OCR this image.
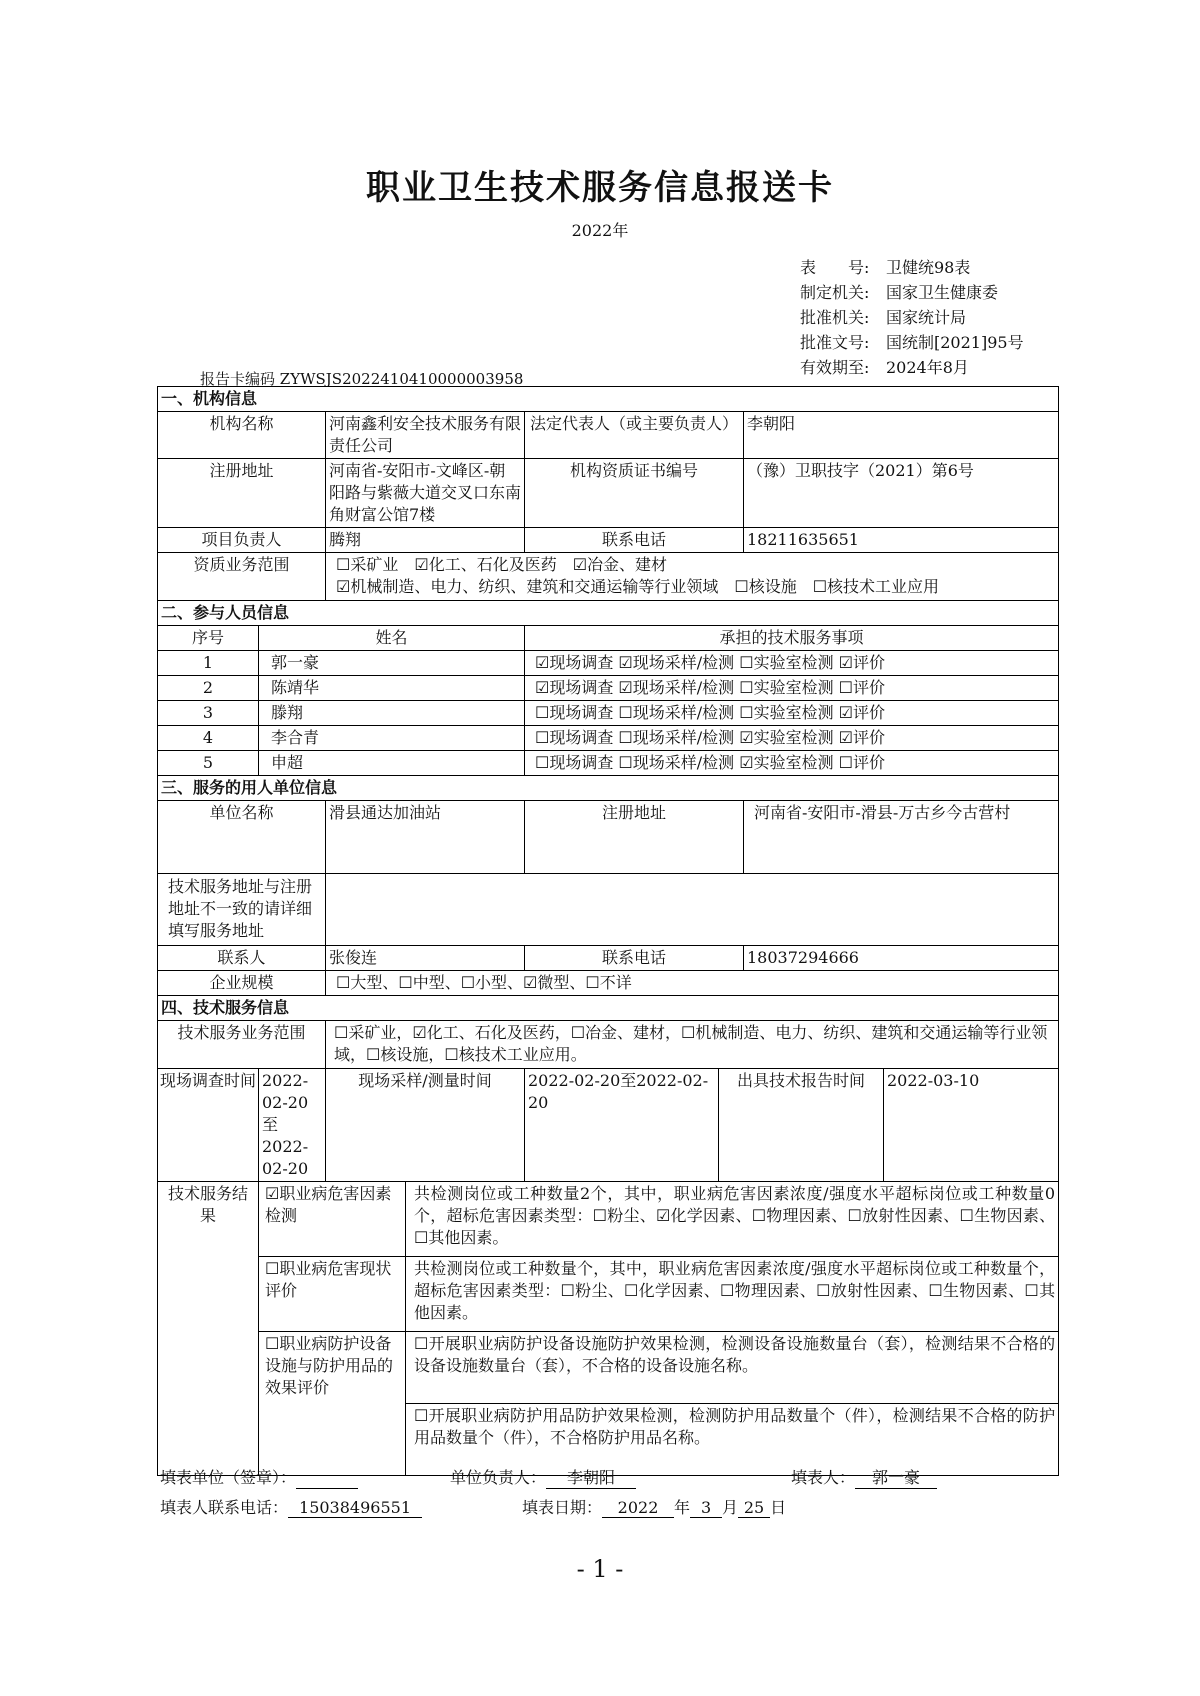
职业卫生技术服务信息报送卡
2022年
表　　号: 卫健统98表
制定机关: 国家卫生健康委
批准机关: 国家统计局
批准文号: 国统制[2021]95号
有效期至: 2024年8月
报告卡编码 ZYWSJS2022410410000003958
一、机构信息							
机构名称		河南鑫利安全技术服务有限责任公司		法定代表人（或主要负责人）		李朝阳	
注册地址		河南省-安阳市-文峰区-朝阳路与紫薇大道交叉口东南角财富公馆7楼		机构资质证书编号		（豫）卫职技字（2021）第6号	
项目负责人		腾翔		联系电话		18211635651	
资质业务范围		☐采矿业　☑化工、石化及医药　☑冶金、建材
☑机械制造、电力、纺织、建筑和交通运输等行业领域　☐核设施　☐核技术工业应用					

二、参与人员信息							
序号	姓名			承担的技术服务事项			
1	郭一豪			☑现场调查 ☑现场采样/检测 ☐实验室检测 ☑评价			
2	陈靖华			☑现场调查 ☑现场采样/检测 ☐实验室检测 ☐评价			
3	滕翔			☐现场调查 ☐现场采样/检测 ☐实验室检测 ☑评价			
4	李合青			☐现场调查 ☐现场采样/检测 ☑实验室检测 ☑评价			
5	申超			☐现场调查 ☐现场采样/检测 ☑实验室检测 ☐评价			
三、服务的用人单位信息							
单位名称		滑县通达加油站		注册地址		河南省-安阳市-滑县-万古乡今古营村	
技术服务地址与注册地址不一致的请详细填写服务地址							
联系人		张俊连		联系电话		18037294666	
企业规模		☐大型、☐中型、☐小型、☑微型、☐不详					
四、技术服务信息							
技术服务业务范围		☐采矿业，☑化工、石化及医药，☐冶金、建材，☐机械制造、电力、纺织、建筑和交通运输等行业领域，☐核设施，☐核技术工业应用。					
现场调查时间	2022-02-20至2022-02-20	现场采样/测量时间		2022-02-20至2022-02-20	出具技术报告时间		2022-03-10
技术服务结果	☑职业病危害因素检测		共检测岗位或工种数量2个，其中，职业病危害因素浓度/强度水平超标岗位或工种数量0个，超标危害因素类型：☐粉尘、☑化学因素、☐物理因素、☐放射性因素、☐生物因素、☐其他因素。				
	☐职业病危害现状评价		共检测岗位或工种数量个，其中，职业病危害因素浓度/强度水平超标岗位或工种数量个，超标危害因素类型：☐粉尘、☐化学因素、☐物理因素、☐放射性因素、☐生物因素、☐其他因素。				
	☐职业病防护设备设施与防护用品的效果评价		☐开展职业病防护设备设施防护效果检测，检测设备设施数量台（套），检测结果不合格的设备设施数量台（套），不合格的设备设施名称。				
			☐开展职业病防护用品防护效果检测，检测防护用品数量个（件），检测结果不合格的防护用品数量个（件），不合格防护用品名称。				
填表单位（签章）：	单位负责人： 李朝阳	填表人： 郭一豪
填表人联系电话： 15038496551	填表日期： 2022 年 3 月 25 日
- 1 -
